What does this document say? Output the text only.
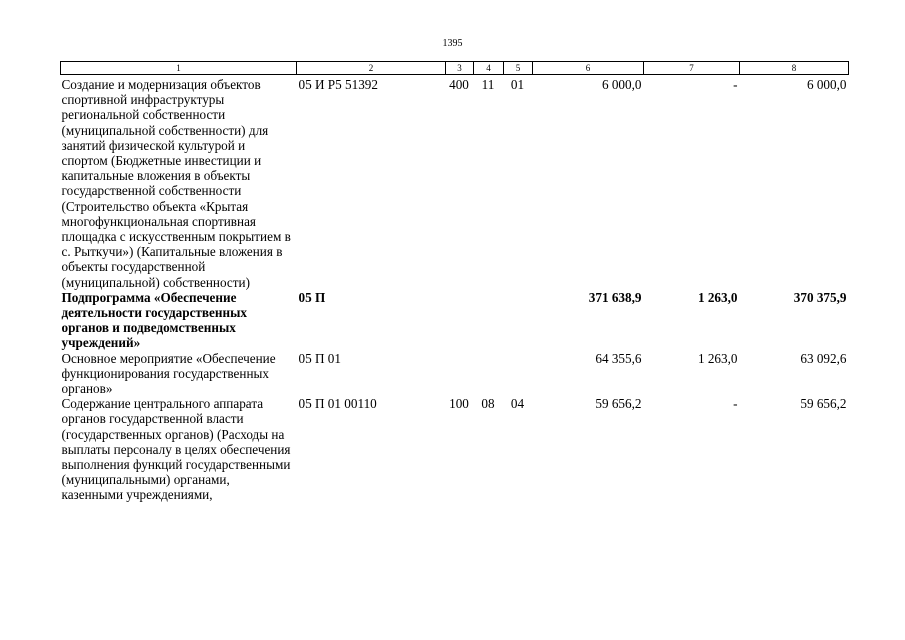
1395
1	2	3	4	5	6	7	8
Создание и модернизация объектов спортивной инфраструктуры региональной собственности (муниципальной собственности) для занятий физической культурой и спортом (Бюджетные инвестиции и капитальные вложения в объекты государственной собственности (Строительство объекта «Крытая многофункциональная спортивная площадка с искусственным покрытием в с. Рыткучи») (Капитальные вложения в объекты государственной (муниципальной) собственности)	05 И Р5 51392	400	11	01	6 000,0	-	6 000,0
Подпрограмма «Обеспечение деятельности государственных органов и подведомственных учреждений»	05 П				371 638,9	1 263,0	370 375,9
Основное мероприятие «Обеспечение функционирования государственных органов»	05 П 01				64 355,6	1 263,0	63 092,6
Содержание центрального аппарата органов государственной власти (государственных органов) (Расходы на выплаты персоналу в целях обеспечения выполнения функций государственными (муниципальными) органами, казенными учреждениями,	05 П 01 00110	100	08	04	59 656,2	-	59 656,2
